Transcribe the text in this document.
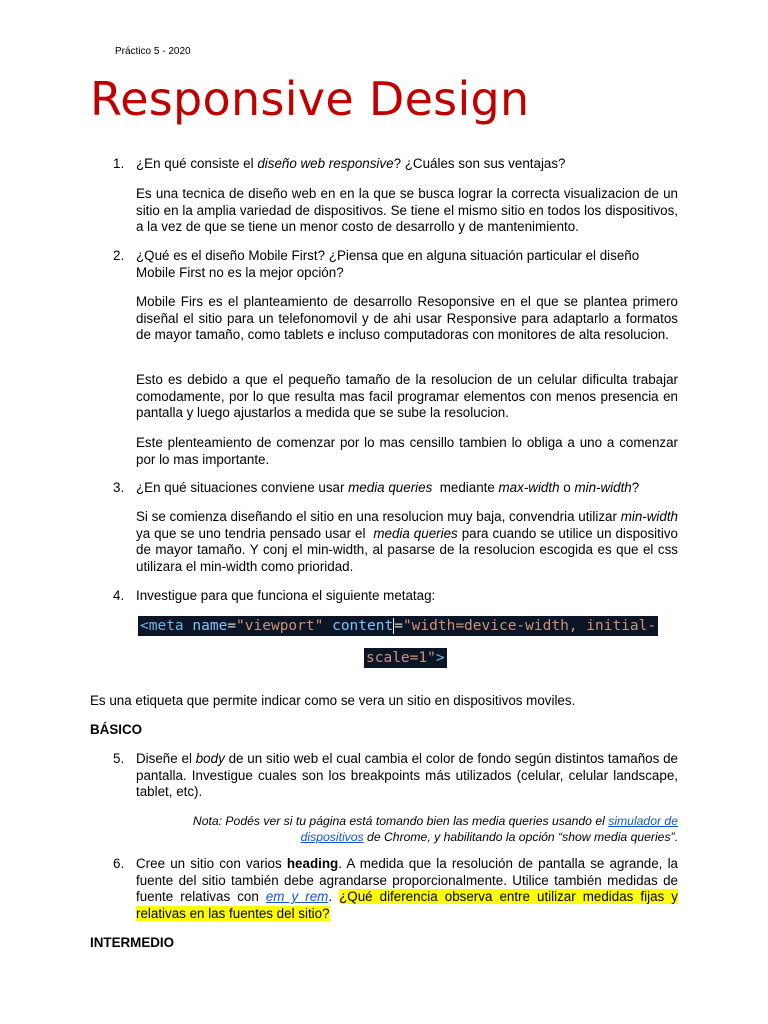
Práctico 5 - 2020
Responsive Design
1. ¿En qué consiste el diseño web responsive? ¿Cuáles son sus ventajas?

Es una tecnica de diseño web en en la que se busca lograr la correcta visualizacion de un sitio en la amplia variedad de dispositivos. Se tiene el mismo sitio en todos los dispositivos, a la vez de que se tiene un menor costo de desarrollo y de mantenimiento.

2. ¿Qué es el diseño Mobile First? ¿Piensa que en alguna situación particular el diseño Mobile First no es la mejor opción?

Mobile Firs es el planteamiento de desarrollo Resoponsive en el que se plantea primero diseñal el sitio para un telefonomovil y de ahi usar Responsive para adaptarlo a formatos de mayor tamaño, como tablets e incluso computadoras con monitores de alta resolucion.

Esto es debido a que el pequeño tamaño de la resolucion de un celular dificulta trabajar comodamente, por lo que resulta mas facil programar elementos con menos presencia en pantalla y luego ajustarlos a medida que se sube la resolucion.

Este plenteamiento de comenzar por lo mas censillo tambien lo obliga a uno a comenzar por lo mas importante.

3. ¿En qué situaciones conviene usar media queries  mediante max-width o min-width?

Si se comienza diseñando el sitio en una resolucion muy baja, convendria utilizar min-width ya que se uno tendria pensado usar el  media queries para cuando se utilice un dispositivo de mayor tamaño. Y conj el min-width, al pasarse de la resolucion escogida es que el css utilizara el min-width como prioridad.

4. Investigue para que funciona el siguiente metatag:
<meta name="viewport" content="width=device-width, initial-
scale=1">
Es una etiqueta que permite indicar como se vera un sitio en dispositivos moviles.
BÁSICO
5. Diseñe el body de un sitio web el cual cambia el color de fondo según distintos tamaños de pantalla. Investigue cuales son los breakpoints más utilizados (celular, celular landscape, tablet, etc).
Nota: Podés ver si tu página está tomando bien las media queries usando el simulador de dispositivos de Chrome, y habilitando la opción “show media queries”.
6. Cree un sitio con varios heading. A medida que la resolución de pantalla se agrande, la fuente del sitio también debe agrandarse proporcionalmente. Utilice también medidas de fuente relativas con em y rem. ¿Qué diferencia observa entre utilizar medidas fijas y relativas en las fuentes del sitio?
INTERMEDIO
